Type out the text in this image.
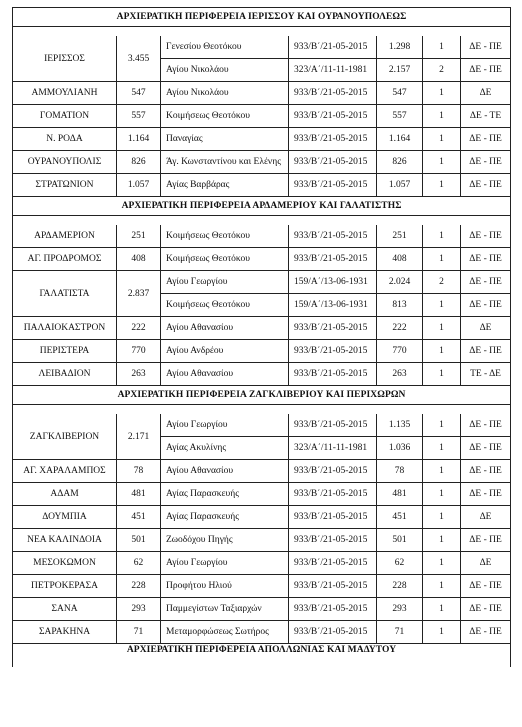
ΑΡΧΙΕΡΑΤΙΚΗ ΠΕΡΙΦΕΡΕΙΑ ΙΕΡΙΣΣΟΥ ΚΑΙ ΟΥΡΑΝΟΥΠΟΛΕΩΣ						

ΙΕΡΙΣΣΟΣ	3.455	Γενεσίου Θεοτόκου	933/Β΄/21-05-2015	1.298	1	ΔΕ - ΠΕ
		Αγίου Νικολάου	323/Α΄/11-11-1981	2.157	2	ΔΕ - ΠΕ
ΑΜΜΟΥΛΙΑΝΗ	547	Αγίου Νικολάου	933/Β΄/21-05-2015	547	1	ΔΕ
ΓΟΜΑΤΙΟΝ	557	Κοιμήσεως Θεοτόκου	933/Β΄/21-05-2015	557	1	ΔΕ - ΤΕ
Ν. ΡΟΔΑ	1.164	Παναγίας	933/Β΄/21-05-2015	1.164	1	ΔΕ - ΠΕ
ΟΥΡΑΝΟΥΠΟΛΙΣ	826	Άγ. Κωνσταντίνου και Ελένης	933/Β΄/21-05-2015	826	1	ΔΕ - ΠΕ
ΣΤΡΑΤΩΝΙΟΝ	1.057	Αγίας Βαρβάρας	933/Β΄/21-05-2015	1.057	1	ΔΕ - ΠΕ
ΑΡΧΙΕΡΑΤΙΚΗ ΠΕΡΙΦΕΡΕΙΑ ΑΡΔΑΜΕΡΙΟΥ ΚΑΙ ΓΑΛΑΤΙΣΤΗΣ						

ΑΡΔΑΜΕΡΙΟΝ	251	Κοιμήσεως Θεοτόκου	933/Β΄/21-05-2015	251	1	ΔΕ - ΠΕ
ΑΓ. ΠΡΟΔΡΟΜΟΣ	408	Κοιμήσεως Θεοτόκου	933/Β΄/21-05-2015	408	1	ΔΕ - ΠΕ
ΓΑΛΑΤΙΣΤΑ	2.837	Αγίου Γεωργίου	159/Α΄/13-06-1931	2.024	2	ΔΕ - ΠΕ
		Κοιμήσεως Θεοτόκου	159/Α΄/13-06-1931	813	1	ΔΕ - ΠΕ
ΠΑΛΑΙΟΚΑΣΤΡΟΝ	222	Αγίου Αθανασίου	933/Β΄/21-05-2015	222	1	ΔΕ
ΠΕΡΙΣΤΕΡΑ	770	Αγίου Ανδρέου	933/Β΄/21-05-2015	770	1	ΔΕ - ΠΕ
ΛΕΙΒΑΔΙΟΝ	263	Αγίου Αθανασίου	933/Β΄/21-05-2015	263	1	ΤΕ - ΔΕ
ΑΡΧΙΕΡΑΤΙΚΗ ΠΕΡΙΦΕΡΕΙΑ ΖΑΓΚΛΙΒΕΡΙΟΥ ΚΑΙ ΠΕΡΙΧΩΡΩΝ						

ΖΑΓΚΛΙΒΕΡΙΟΝ	2.171	Αγίου Γεωργίου	933/Β΄/21-05-2015	1.135	1	ΔΕ - ΠΕ
		Αγίας Ακυλίνης	323/Α΄/11-11-1981	1.036	1	ΔΕ - ΠΕ
ΑΓ. ΧΑΡΑΛΑΜΠΟΣ	78	Αγίου Αθανασίου	933/Β΄/21-05-2015	78	1	ΔΕ - ΠΕ
ΑΔΑΜ	481	Αγίας Παρασκευής	933/Β΄/21-05-2015	481	1	ΔΕ - ΠΕ
ΔΟΥΜΠΙΑ	451	Αγίας Παρασκευής	933/Β΄/21-05-2015	451	1	ΔΕ
ΝΕΑ ΚΑΛΙΝΔΟΙΑ	501	Ζωοδόχου Πηγής	933/Β΄/21-05-2015	501	1	ΔΕ - ΠΕ
ΜΕΣΟΚΩΜΟΝ	62	Αγίου Γεωργίου	933/Β΄/21-05-2015	62	1	ΔΕ
ΠΕΤΡΟΚΕΡΑΣΑ	228	Προφήτου Ηλιού	933/Β΄/21-05-2015	228	1	ΔΕ - ΠΕ
ΣΑΝΑ	293	Παμμεγίστων Ταξιαρχών	933/Β΄/21-05-2015	293	1	ΔΕ - ΠΕ
ΣΑΡΑΚΗΝΑ	71	Μεταμορφώσεως Σωτήρος	933/Β΄/21-05-2015	71	1	ΔΕ - ΠΕ
ΑΡΧΙΕΡΑΤΙΚΗ ΠΕΡΙΦΕΡΕΙΑ ΑΠΟΛΛΩΝΙΑΣ ΚΑΙ ΜΑΔΥΤΟΥ						
